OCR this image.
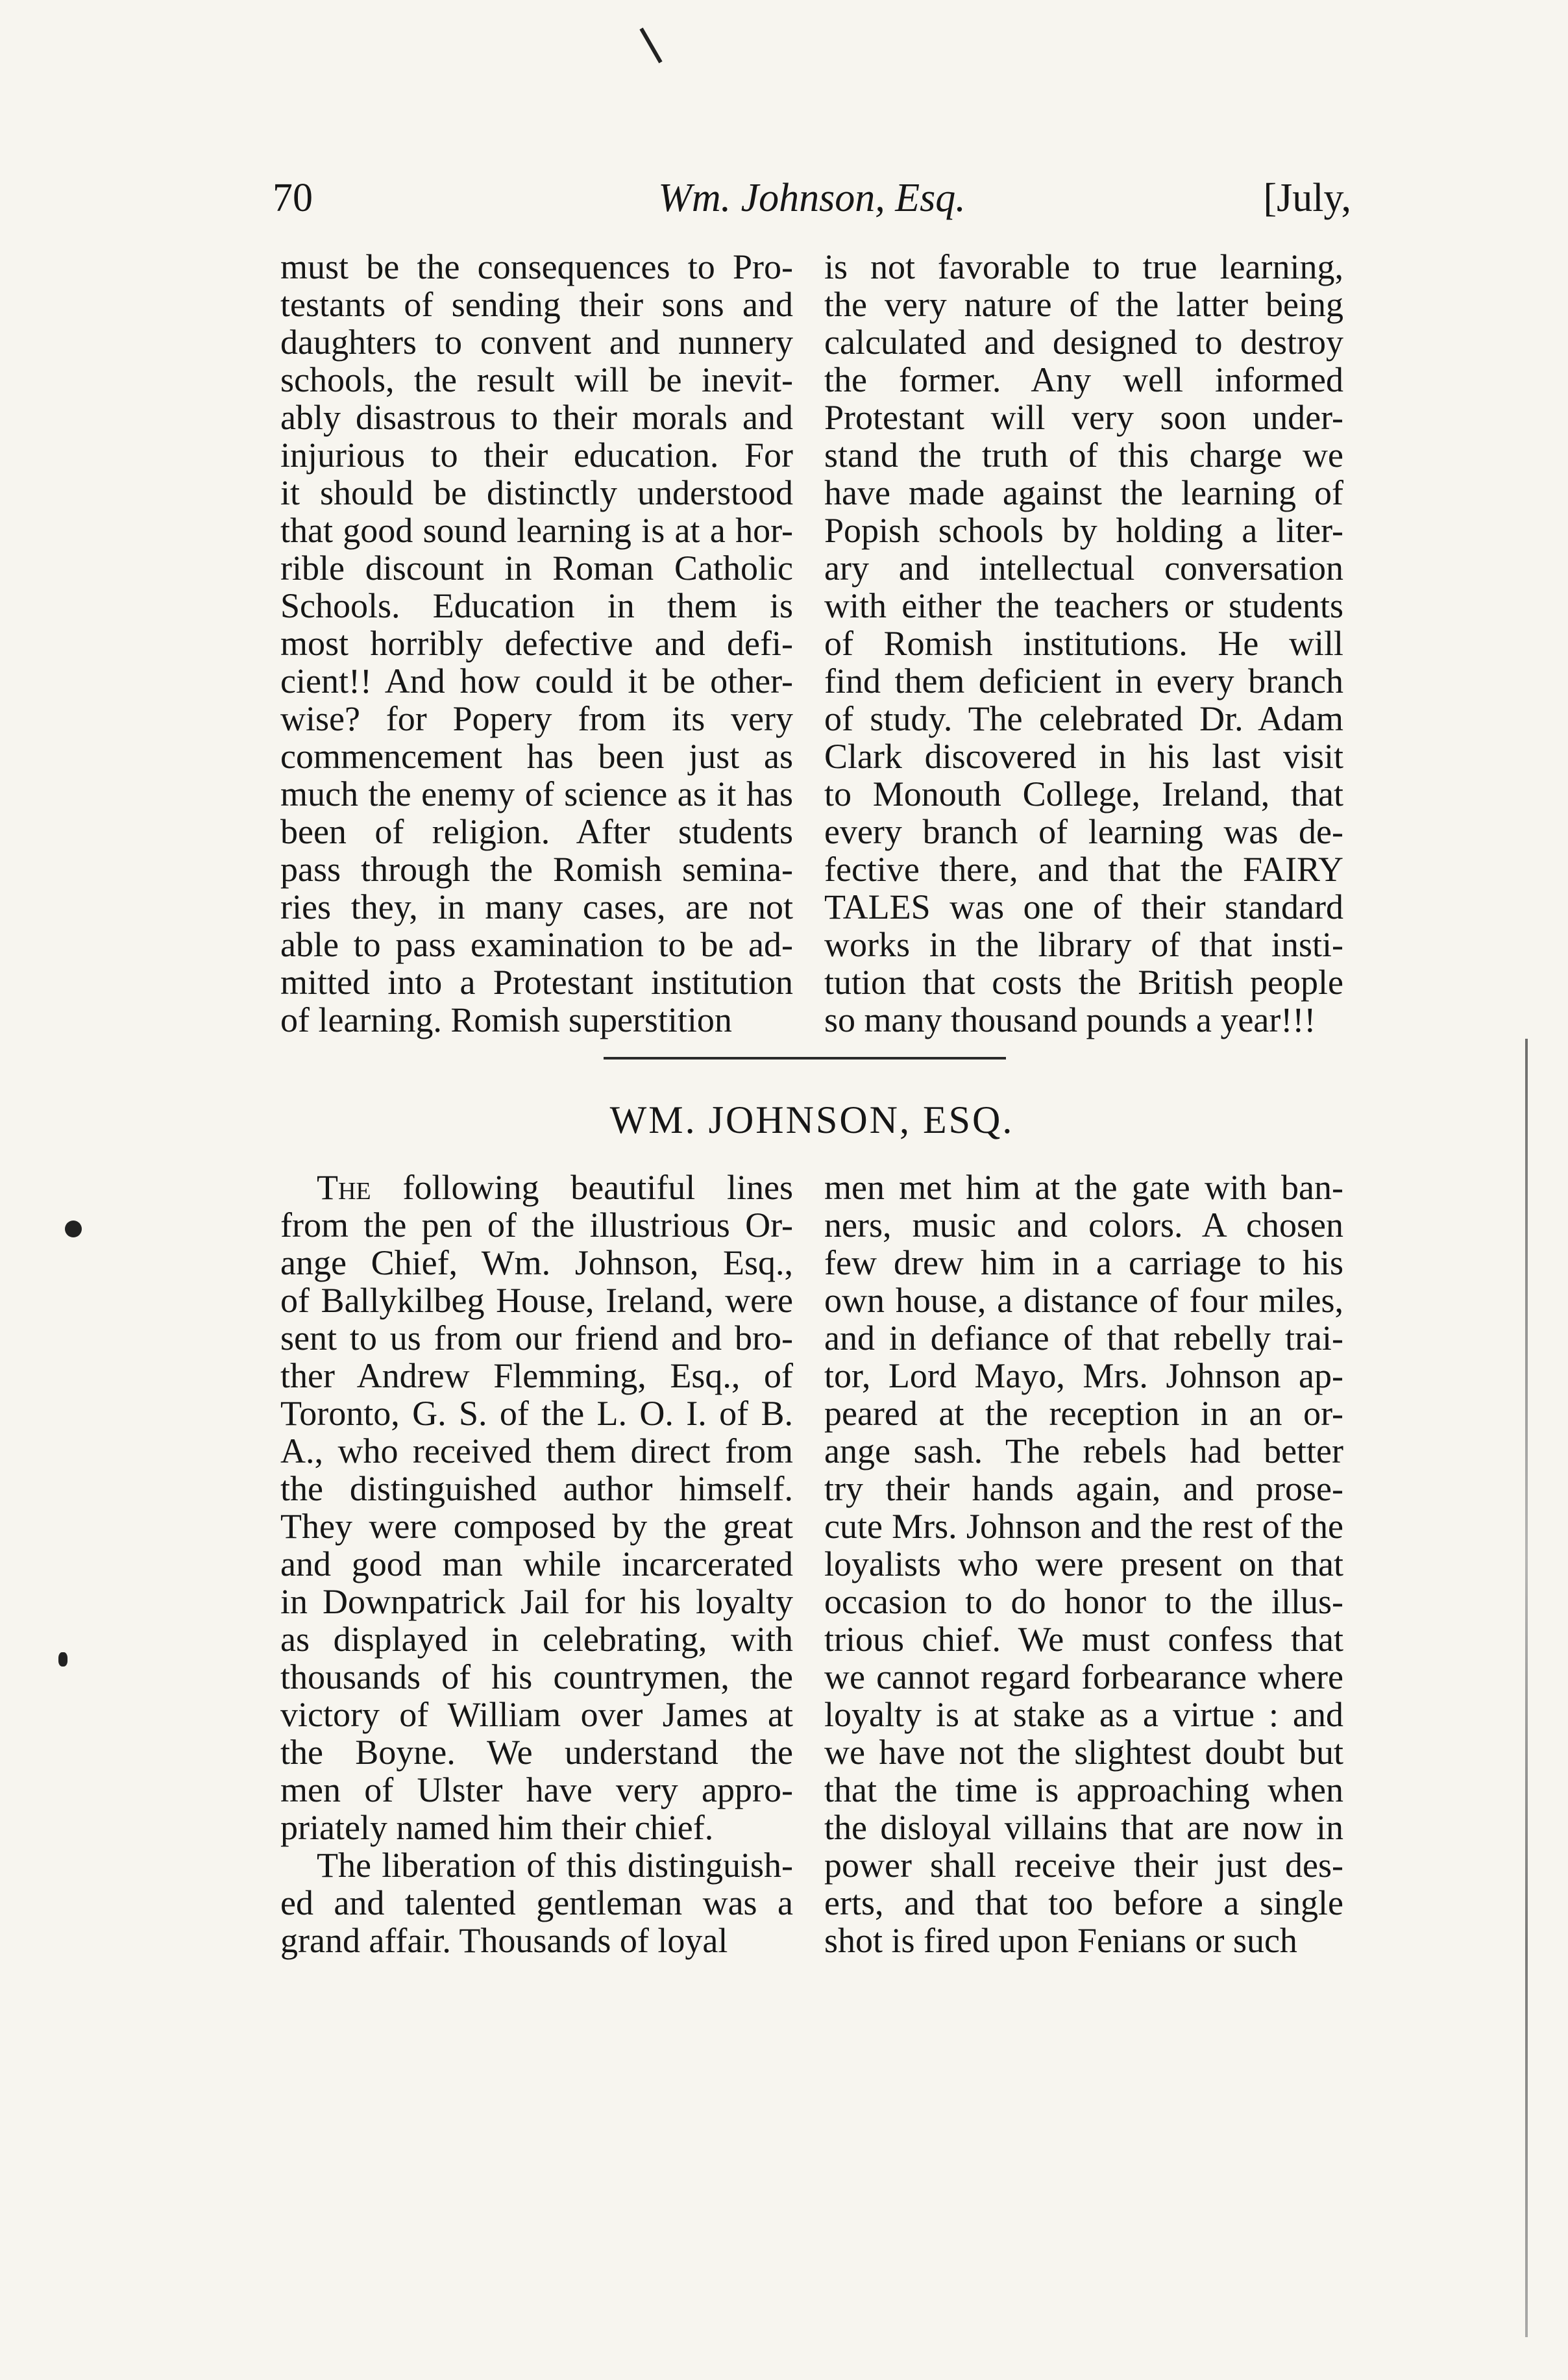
70	Wm. Johnson, Esq.	[July,
must be the consequences to Pro-
testants of sending their sons and
daughters to convent and nunnery
schools, the result will be inevit-
ably disastrous to their morals and
injurious to their education. For
it should be distinctly understood
that good sound learning is at a hor-
rible discount in Roman Catholic
Schools. Education in them is
most horribly defective and defi-
cient!! And how could it be other-
wise? for Popery from its very
commencement has been just as
much the enemy of science as it has
been of religion. After students
pass through the Romish semina-
ries they, in many cases, are not
able to pass examination to be ad-
mitted into a Protestant institution
of learning. Romish superstition
is not favorable to true learning,
the very nature of the latter being
calculated and designed to destroy
the former. Any well informed
Protestant will very soon under-
stand the truth of this charge we
have made against the learning of
Popish schools by holding a liter-
ary and intellectual conversation
with either the teachers or students
of Romish institutions. He will
find them deficient in every branch
of study. The celebrated Dr. Adam
Clark discovered in his last visit
to Monouth College, Ireland, that
every branch of learning was de-
fective there, and that the FAIRY
TALES was one of their standard
works in the library of that insti-
tution that costs the British people
so many thousand pounds a year!!!
WM. JOHNSON, ESQ.
The following beautiful lines
from the pen of the illustrious Or-
ange Chief, Wm. Johnson, Esq.,
of Ballykilbeg House, Ireland, were
sent to us from our friend and bro-
ther Andrew Flemming, Esq., of
Toronto, G. S. of the L. O. I. of B.
A., who received them direct from
the distinguished author himself.
They were composed by the great
and good man while incarcerated
in Downpatrick Jail for his loyalty
as displayed in celebrating, with
thousands of his countrymen, the
victory of William over James at
the Boyne. We understand the
men of Ulster have very appro-
priately named him their chief.
The liberation of this distinguish-
ed and talented gentleman was a
grand affair. Thousands of loyal
men met him at the gate with ban-
ners, music and colors. A chosen
few drew him in a carriage to his
own house, a distance of four miles,
and in defiance of that rebelly trai-
tor, Lord Mayo, Mrs. Johnson ap-
peared at the reception in an or-
ange sash. The rebels had better
try their hands again, and prose-
cute Mrs. Johnson and the rest of the
loyalists who were present on that
occasion to do honor to the illus-
trious chief. We must confess that
we cannot regard forbearance where
loyalty is at stake as a virtue : and
we have not the slightest doubt but
that the time is approaching when
the disloyal villains that are now in
power shall receive their just des-
erts, and that too before a single
shot is fired upon Fenians or such
